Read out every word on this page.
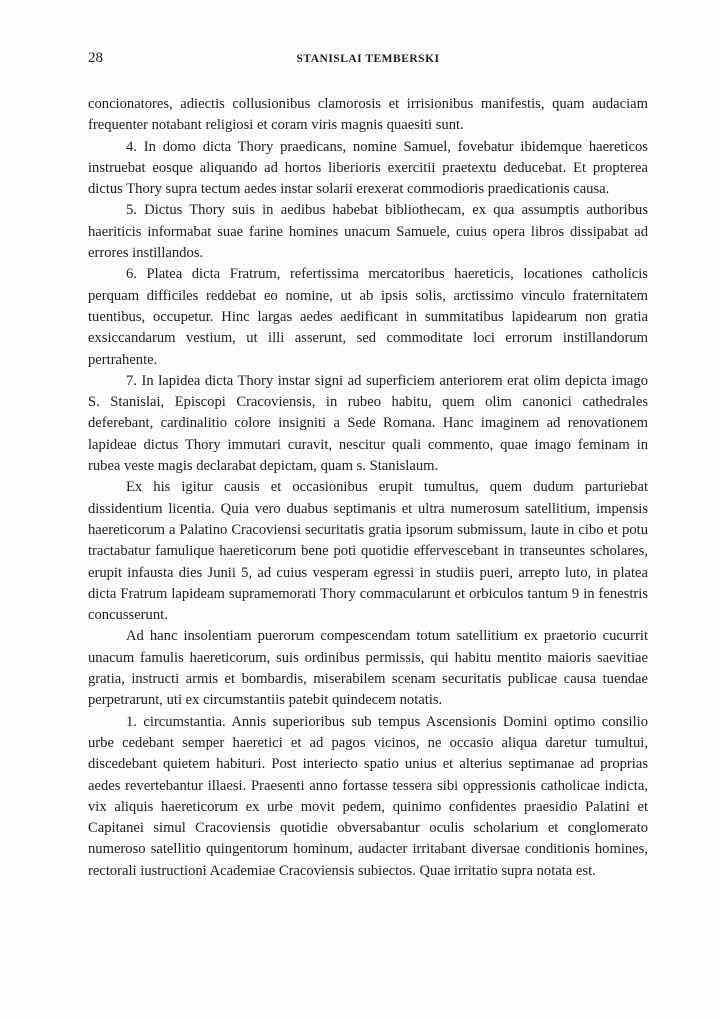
28	STANISLAI TEMBERSKI

concionatores, adiectis collusionibus clamorosis et irrisionibus manifestis, quam audaciam frequenter notabant religiosi et coram viris magnis quaesiti sunt.

4. In domo dicta Thory praedicans, nomine Samuel, fovebatur ibidemque haereticos instruebat eosque aliquando ad hortos liberioris exercitii praetextu deducebat. Et propterea dictus Thory supra tectum aedes instar solarii erexerat commodioris praedicationis causa.

5. Dictus Thory suis in aedibus habebat bibliothecam, ex qua assumptis authoribus haeriticis informabat suae farine homines unacum Samuele, cuius opera libros dissipabat ad errores instillandos.

6. Platea dicta Fratrum, refertissima mercatoribus haereticis, locationes catholicis perquam difficiles reddebat eo nomine, ut ab ipsis solis, arctissimo vinculo fraternitatem tuentibus, occupetur. Hinc largas aedes aedificant in summitatibus lapidearum non gratia exsiccandarum vestium, ut illi asserunt, sed commoditate loci errorum instillandorum pertrahente.

7. In lapidea dicta Thory instar signi ad superficiem anteriorem erat olim depicta imago S. Stanislai, Episcopi Cracoviensis, in rubeo habitu, quem olim canonici cathedrales deferebant, cardinalitio colore insigniti a Sede Romana. Hanc imaginem ad renovationem lapideae dictus Thory immutari curavit, nescitur quali commento, quae imago feminam in rubea veste magis declarabat depictam, quam s. Stanislaum.

Ex his igitur causis et occasionibus erupit tumultus, quem dudum parturiebat dissidentium licentia. Quia vero duabus septimanis et ultra numerosum satellitium, impensis haereticorum a Palatino Cracoviensi securitatis gratia ipsorum submissum, laute in cibo et potu tractabatur famulique haereticorum bene poti quotidie effervescebant in transeuntes scholares, erupit infausta dies Junii 5, ad cuius vesperam egressi in studiis pueri, arrepto luto, in platea dicta Fratrum lapideam supramemorati Thory commacularunt et orbiculos tantum 9 in fenestris concusserunt.

Ad hanc insolentiam puerorum compescendam totum satellitium ex praetorio cucurrit unacum famulis haereticorum, suis ordinibus permissis, qui habitu mentito maioris saevitiae gratia, instructi armis et bombardis, miserabilem scenam securitatis publicae causa tuendae perpetrarunt, uti ex circumstantiis patebit quindecem notatis.

1. circumstantia. Annis superioribus sub tempus Ascensionis Domini optimo consilio urbe cedebant semper haeretici et ad pagos vicinos, ne occasio aliqua daretur tumultui, discedebant quietem habituri. Post interiecto spatio unius et alterius septimanae ad proprias aedes revertebantur illaesi. Praesenti anno fortasse tessera sibi oppressionis catholicae indicta, vix aliquis haereticorum ex urbe movit pedem, quinimo confidentes praesidio Palatini et Capitanei simul Cracoviensis quotidie obversabantur oculis scholarium et conglomerato numeroso satellitio quingentorum hominum, audacter irritabant diversae conditionis homines, rectorali iustructioni Academiae Cracoviensis subiectos. Quae irritatio supra notata est.
